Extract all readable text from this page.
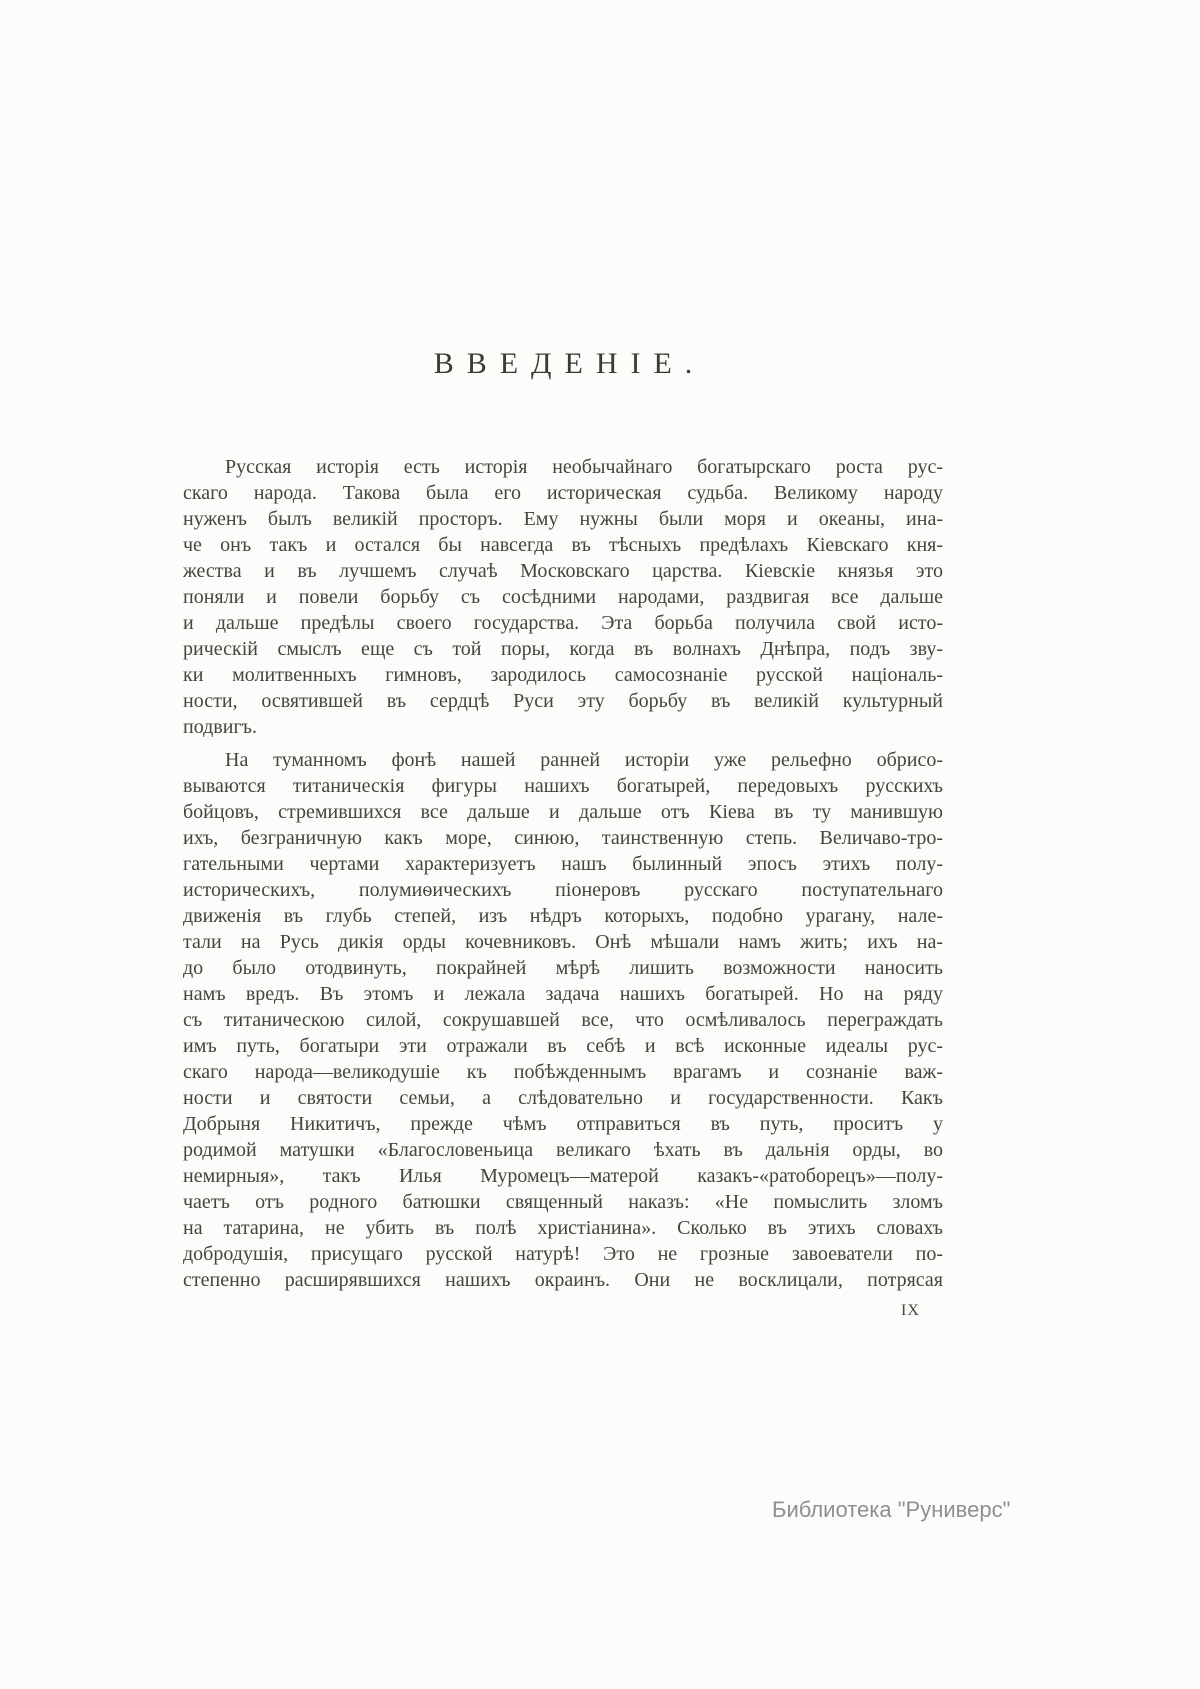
ВВЕДЕНІЕ.
Русская исторія есть исторія необычайнаго богатырскаго роста рус-
скаго народа. Такова была его историческая судьба. Великому народу
нуженъ былъ великій просторъ. Ему нужны были моря и океаны, ина-
че онъ такъ и остался бы навсегда въ тѣсныхъ предѣлахъ Кіевскаго кня-
жества и въ лучшемъ случаѣ Московскаго царства. Кіевскіе князья это
поняли и повели борьбу съ сосѣдними народами, раздвигая все дальше
и дальше предѣлы своего государства. Эта борьба получила свой исто-
рическій смыслъ еще съ той поры, когда въ волнахъ Днѣпра, подъ зву-
ки молитвенныхъ гимновъ, зародилось самосознаніе русской національ-
ности, освятившей въ сердцѣ Руси эту борьбу въ великій культурный
подвигъ.
На туманномъ фонѣ нашей ранней исторіи уже рельефно обрисо-
вываются титаническія фигуры нашихъ богатырей, передовыхъ русскихъ
бойцовъ, стремившихся все дальше и дальше отъ Кіева въ ту манившую
ихъ, безграничную какъ море, синюю, таинственную степь. Величаво-тро-
гательными чертами характеризуетъ нашъ былинный эпосъ этихъ полу-
историческихъ, полумиѳическихъ піонеровъ русскаго поступательнаго
движенія въ глубь степей, изъ нѣдръ которыхъ, подобно урагану, нале-
тали на Русь дикія орды кочевниковъ. Онѣ мѣшали намъ жить; ихъ на-
до было отодвинуть, покрайней мѣрѣ лишить возможности наносить
намъ вредъ. Въ этомъ и лежала задача нашихъ богатырей. Но на ряду
съ титаническою силой, сокрушавшей все, что осмѣливалось переграждать
имъ путь, богатыри эти отражали въ себѣ и всѣ исконные идеалы рус-
скаго народа—великодушіе къ побѣжденнымъ врагамъ и сознаніе важ-
ности и святости семьи, а слѣдовательно и государственности. Какъ
Добрыня Никитичъ, прежде чѣмъ отправиться въ путь, проситъ у
родимой матушки «Благословеньица великаго ѣхать въ дальнія орды, во
немирныя», такъ Илья Муромецъ—матерой казакъ-«ратоборецъ»—полу-
чаетъ отъ родного батюшки священный наказъ: «Не помыслить зломъ
на татарина, не убить въ полѣ христіанина». Сколько въ этихъ словахъ
добродушія, присущаго русской натурѣ! Это не грозные завоеватели по-
степенно расширявшихся нашихъ окраинъ. Они не восклицали, потрясая
IX
Библиотека "Руниверс"
